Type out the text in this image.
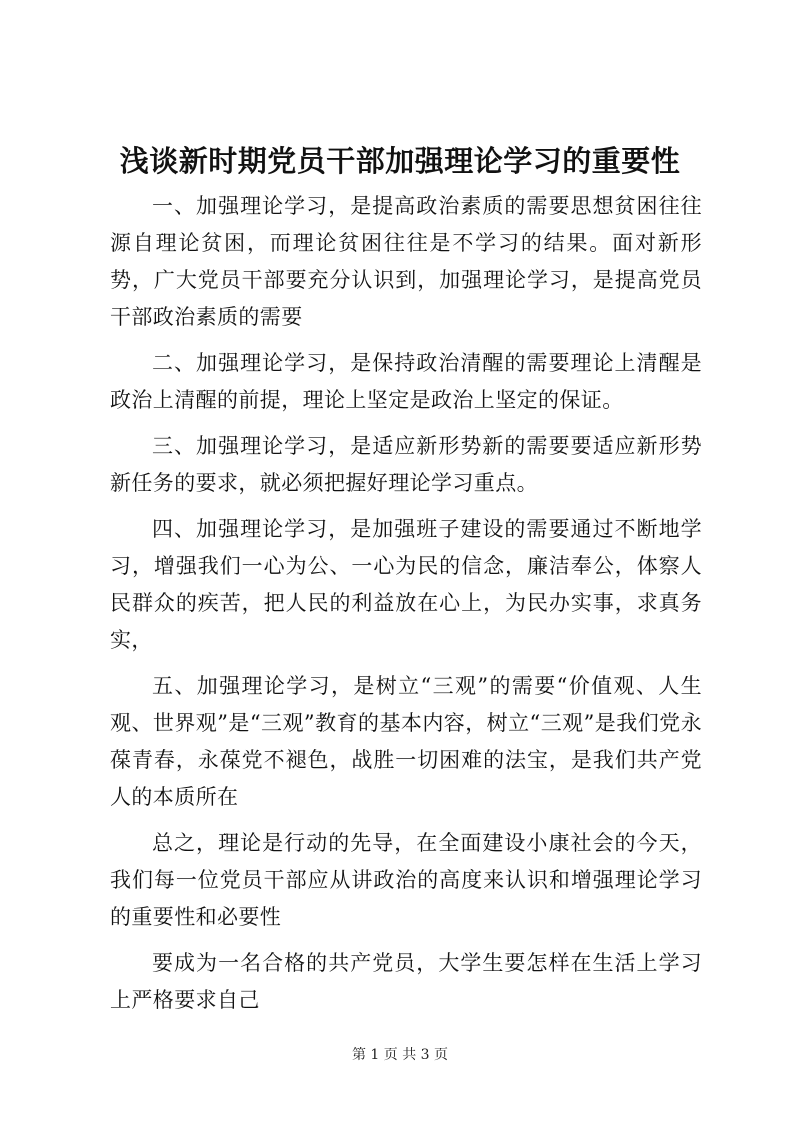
浅谈新时期党员干部加强理论学习的重要性

一、加强理论学习，是提高政治素质的需要思想贫困往往源自理论贫困，而理论贫困往往是不学习的结果。面对新形势，广大党员干部要充分认识到，加强理论学习，是提高党员干部政治素质的需要

二、加强理论学习，是保持政治清醒的需要理论上清醒是政治上清醒的前提，理论上坚定是政治上坚定的保证。

三、加强理论学习，是适应新形势新的需要要适应新形势新任务的要求，就必须把握好理论学习重点。

四、加强理论学习，是加强班子建设的需要通过不断地学习，增强我们一心为公、一心为民的信念，廉洁奉公，体察人民群众的疾苦，把人民的利益放在心上，为民办实事，求真务实，

五、加强理论学习，是树立“三观”的需要“价值观、人生观、世界观”是“三观”教育的基本内容，树立“三观”是我们党永葆青春，永葆党不褪色，战胜一切困难的法宝，是我们共产党人的本质所在

总之，理论是行动的先导，在全面建设小康社会的今天，我们每一位党员干部应从讲政治的高度来认识和增强理论学习的重要性和必要性

要成为一名合格的共产党员，大学生要怎样在生活上学习上严格要求自己

第 1 页 共 3 页
